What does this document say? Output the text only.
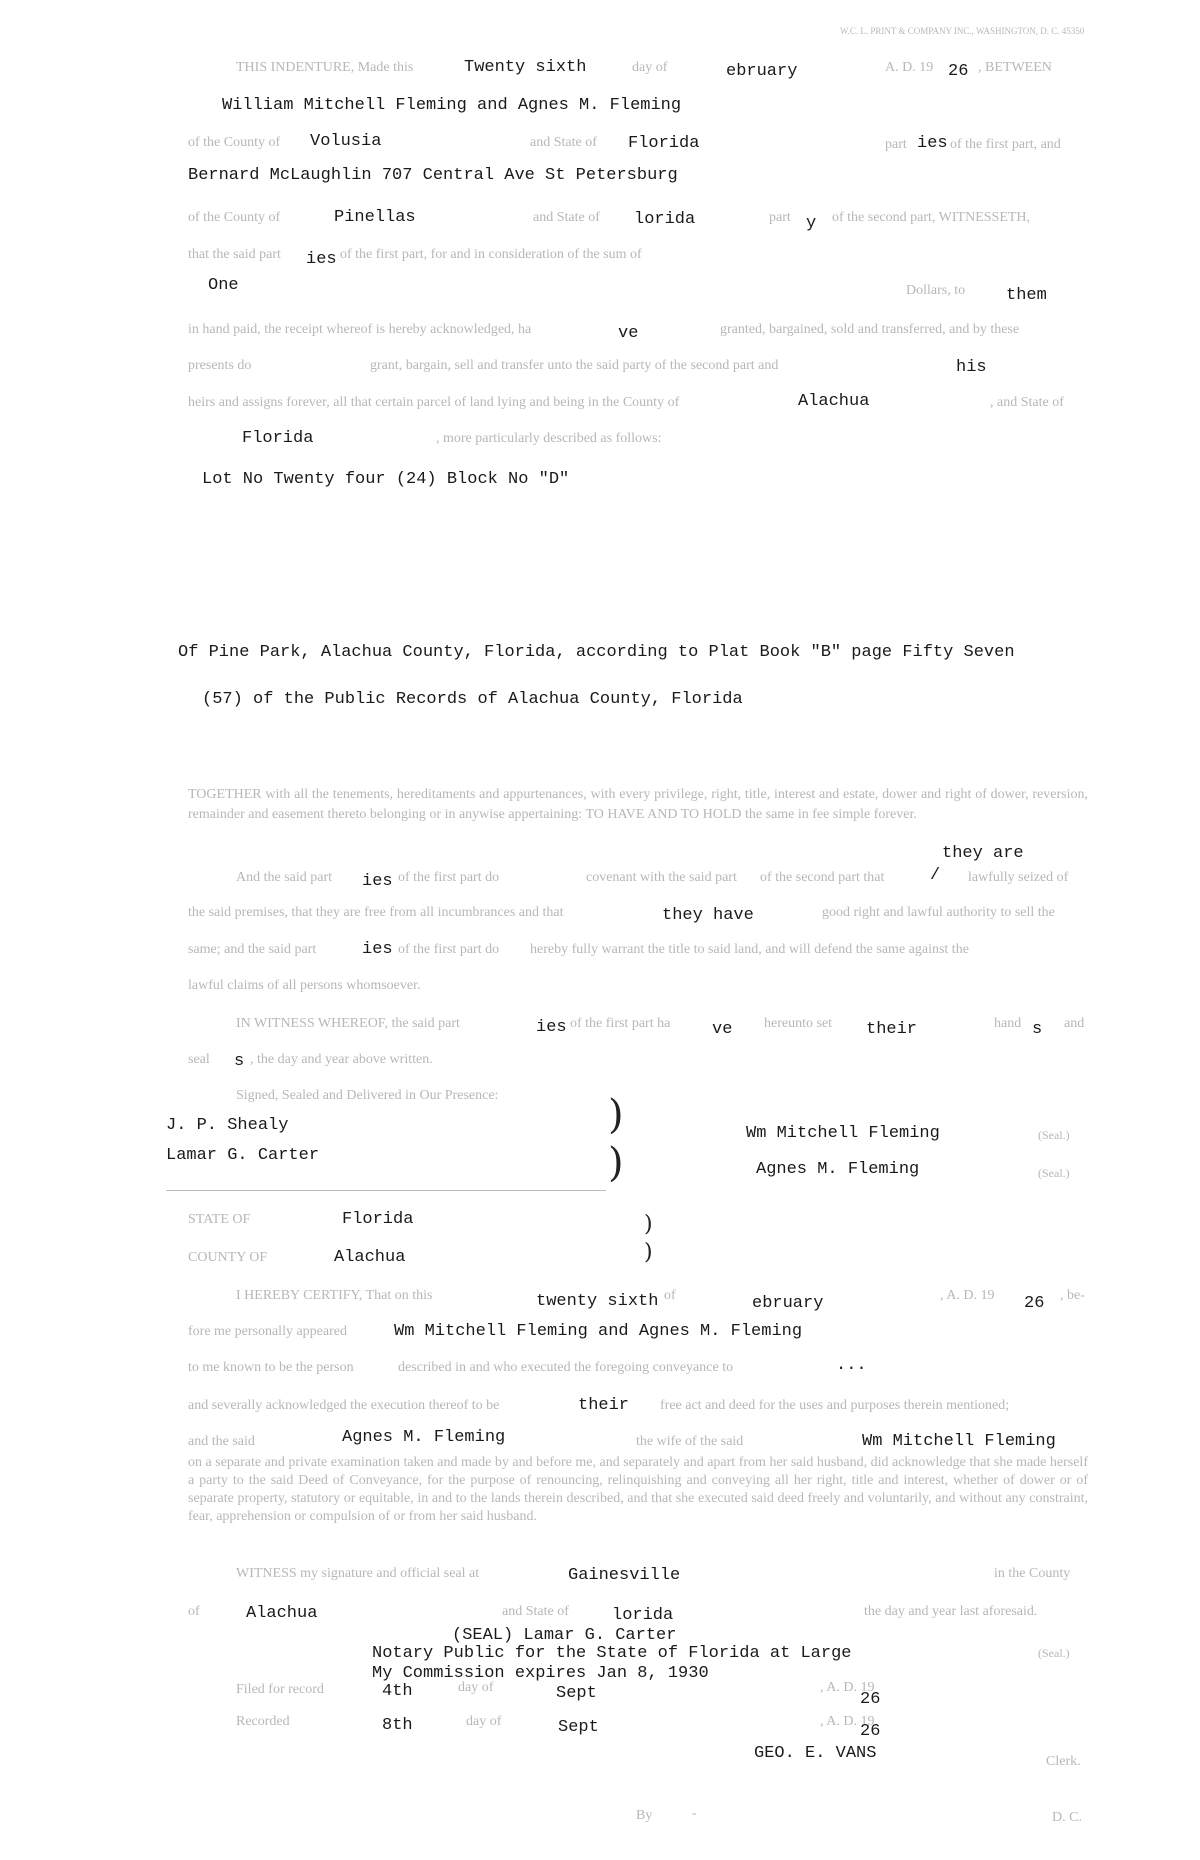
W.C. L. PRINT & COMPANY INC., WASHINGTON, D. C. 45350
THIS INDENTURE, Made this	Twenty sixth	day of	ebruary	A. D. 19 26 , BETWEEN
William Mitchell Fleming and Agnes M. Fleming
of the County of Volusia	and State of Florida	part ies of the first part, and
Bernard McLaughlin 707 Central Ave St Petersburg
of the County of	Pinellas	and State of lorida	part y of the second part, WITNESSETH,
that the said part ies of the first part, for and in consideration of the sum of
One	Dollars, to them
in hand paid, the receipt whereof is hereby acknowledged, ha	ve	granted, bargained, sold and transferred, and by these
presents do	grant, bargain, sell and transfer unto the said party of the second part and	his
heirs and assigns forever, all that certain parcel of land lying and being in the County of	Alachua	, and State of
Florida	, more particularly described as follows:
Lot No Twenty four (24) Block No "D"
Of Pine Park, Alachua County, Florida, according to Plat Book "B" page Fifty Seven
(57) of the Public Records of Alachua County, Florida
TOGETHER with all the tenements, hereditaments and appurtenances, with every privilege, right, title, interest and estate, dower and right of dower, reversion, remainder and easement thereto belonging or in anywise appertaining: TO HAVE AND TO HOLD the same in fee simple forever.
they are
And the said part ies of the first part do	covenant with the said part of the second part that	/ lawfully seized of
the said premises, that they are free from all incumbrances and that	they have	good right and lawful authority to sell the
same; and the said part	ies of the first part do hereby fully warrant the title to said land, and will defend the same against the
lawful claims of all persons whomsoever.
IN WITNESS WHEREOF, the said part	ies of the first part ha ve hereunto set their	hand s and
seal s , the day and year above written.
Signed, Sealed and Delivered in Our Presence:
J. P. Shealy
Lamar G. Carter
)
)
Wm Mitchell Fleming
Agnes M. Fleming
(Seal.)
(Seal.)
STATE OF	Florida
COUNTY OF	Alachua
)
)
I HEREBY CERTIFY, That on this	twenty sixth of	ebruary	, A. D. 19 26 , be-
fore me personally appeared	Wm Mitchell Fleming and Agnes M. Fleming
to me known to be the person	described in and who executed the foregoing conveyance to	...
and severally acknowledged the execution thereof to be	their free act and deed for the uses and purposes therein mentioned;
and the said	Agnes M. Fleming	the wife of the said	Wm Mitchell Fleming
on a separate and private examination taken and made by and before me, and separately and apart from her said husband, did acknowledge that she made herself a party to the said Deed of Conveyance, for the purpose of renouncing, relinquishing and conveying all her right, title and interest, whether of dower or of separate property, statutory or equitable, in and to the lands therein described, and that she executed said deed freely and voluntarily, and without any constraint, fear, apprehension or compulsion of or from her said husband.
WITNESS my signature and official seal at	Gainesville	in the County
of	Alachua	and State of	lorida	the day and year last aforesaid.
(SEAL) Lamar G. Carter
Notary Public for the State of Florida at Large	(Seal.)
My Commission expires Jan 8, 1930
Filed for record	4th	day of	Sept	, A. D. 19
26
Recorded	8th	day of	Sept	, A. D. 19
26
GEO. E. VANS	Clerk.
By	-	D. C.
